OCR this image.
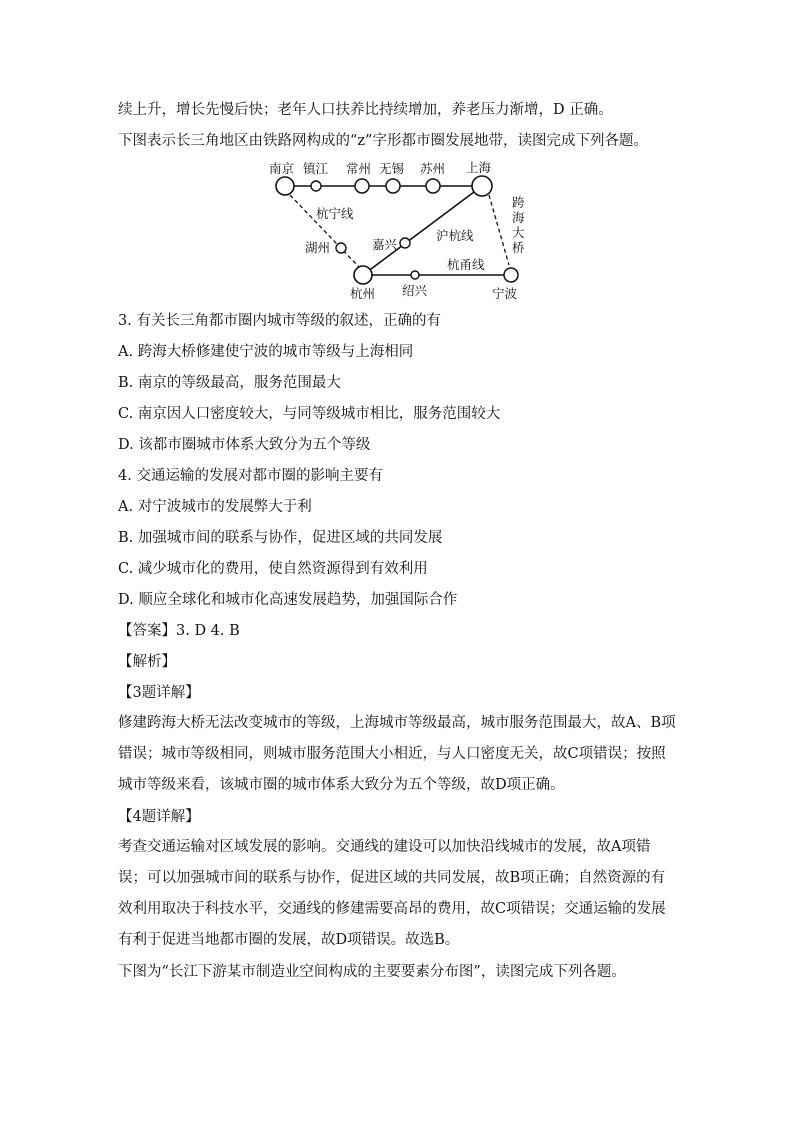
续上升，增长先慢后快；老年人口扶养比持续增加，养老压力渐增，D 正确。
下图表示长三角地区由铁路网构成的“z”字形都市圈发展地带，读图完成下列各题。
南京 镇江 常州 无锡 苏州 上海
湖州	嘉兴
杭州 绍兴	宁波
杭宁线
沪杭线
杭甬线
跨
海
大
桥
3. 有关长三角都市圈内城市等级的叙述，正确的有
A. 跨海大桥修建使宁波的城市等级与上海相同
B. 南京的等级最高，服务范围最大
C. 南京因人口密度较大，与同等级城市相比，服务范围较大
D. 该都市圈城市体系大致分为五个等级
4. 交通运输的发展对都市圈的影响主要有
A. 对宁波城市的发展弊大于利
B. 加强城市间的联系与协作，促进区域的共同发展
C. 减少城市化的费用，使自然资源得到有效利用
D. 顺应全球化和城市化高速发展趋势，加强国际合作
【答案】3. D 4. B
【解析】
【3题详解】
修建跨海大桥无法改变城市的等级，上海城市等级最高，城市服务范围最大，故A、B项错误；城市等级相同，则城市服务范围大小相近，与人口密度无关，故C项错误；按照城市等级来看，该城市圈的城市体系大致分为五个等级，故D项正确。
【4题详解】
考查交通运输对区域发展的影响。交通线的建设可以加快沿线城市的发展，故A项错误；可以加强城市间的联系与协作，促进区域的共同发展，故B项正确；自然资源的有效利用取决于科技水平，交通线的修建需要高昂的费用，故C项错误；交通运输的发展有利于促进当地都市圈的发展，故D项错误。故选B。
下图为“长江下游某市制造业空间构成的主要要素分布图”，读图完成下列各题。
